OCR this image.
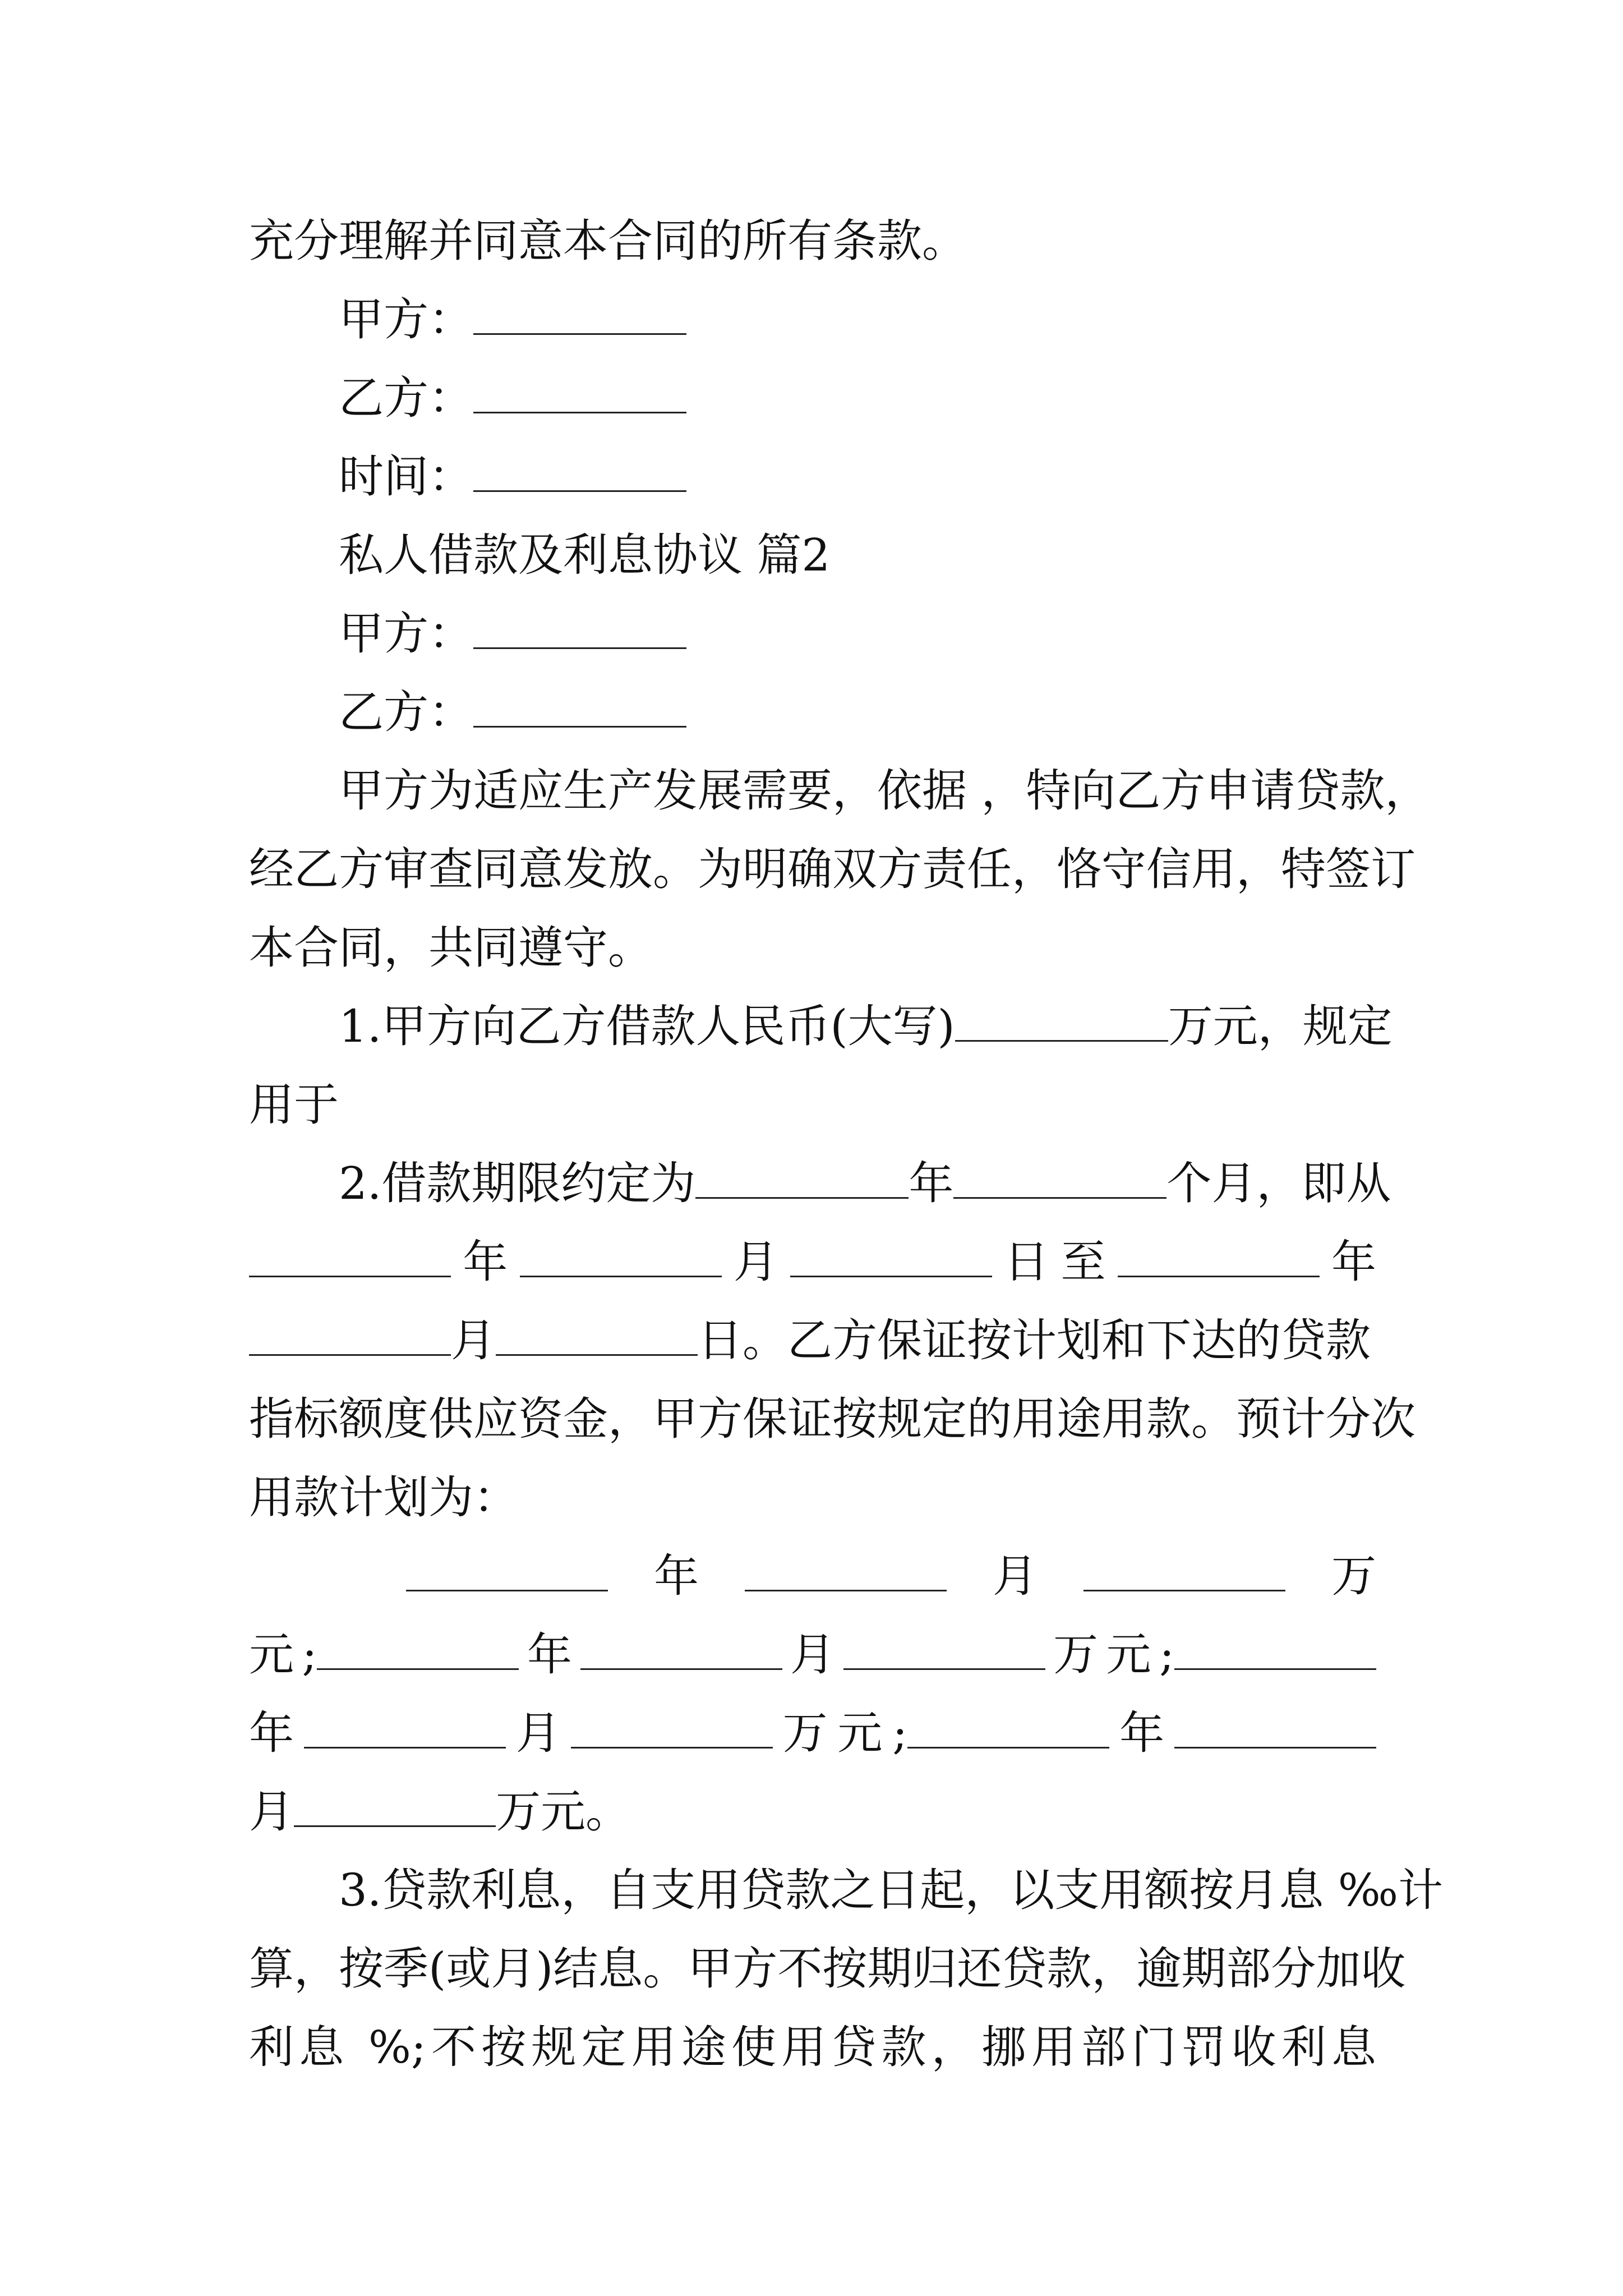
充分理解并同意本合同的所有条款。
甲方：
乙方：
时间：
私人借款及利息协议 篇2
甲方：
乙方：
甲方为适应生产发展需要，依据 ，特向乙方申请贷款，
经乙方审查同意发放。为明确双方责任，恪守信用，特签订
本合同，共同遵守。
1.甲方向乙方借款人民币(大写)	万元，规定
用于
2.借款期限约定为	年	个月，即从
年	月	日至	年
月	日。乙方保证按计划和下达的贷款
指标额度供应资金，甲方保证按规定的用途用款。预计分次
用款计划为：
年	月	万
元;	年	月	万元;
年	月	万元;	年
月	万元。
3.贷款利息，自支用贷款之日起，以支用额按月息 ‰计
算，按季(或月)结息。甲方不按期归还贷款，逾期部分加收
利息 %;不按规定用途使用贷款，挪用部门罚收利息
